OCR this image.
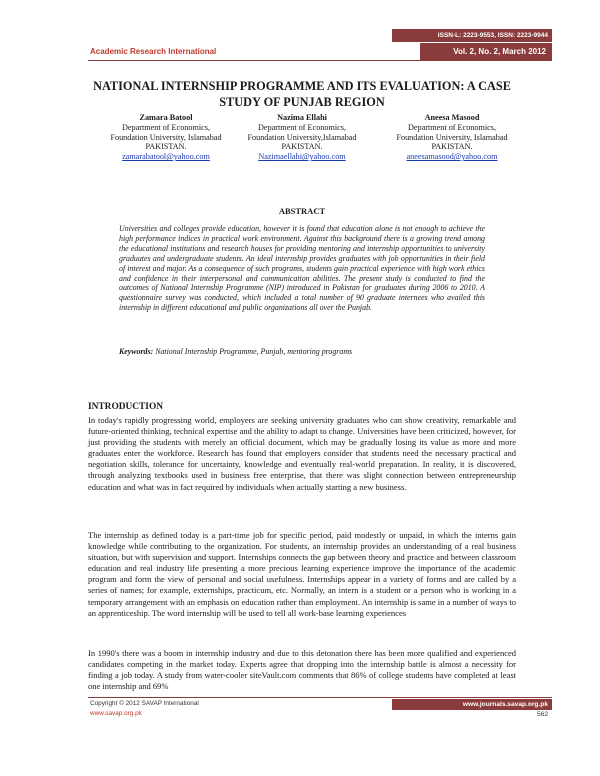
ISSN-L: 2223-9553, ISSN: 2223-9944
Academic Research International	Vol. 2, No. 2, March 2012
NATIONAL INTERNSHIP PROGRAMME AND ITS EVALUATION: A CASE STUDY OF PUNJAB REGION
Zamara Batool
Department of Economics,
Foundation University, Islamabad
PAKISTAN.
zamarabatool@yahoo.com
Nazima Ellahi
Department of Economics,
Foundation University,Islamabad
PAKISTAN.
Nazimaellahi@yahoo.com
Aneesa Masood
Department of Economics,
Foundation University, Islamabad
PAKISTAN.
aneesamasood@yahoo.com
ABSTRACT
Universities and colleges provide education, however it is found that education alone is not enough to achieve the high performance indices in practical work environment. Against this background there is a growing trend among the educational institutions and research houses for providing mentoring and internship opportunities to university graduates and undergraduate students. An ideal internship provides graduates with job opportunities in their field of interest and major. As a consequence of such programs, students gain practical experience with high work ethics and confidence in their interpersonal and communication abilities. The present study is conducted to find the outcomes of National Internship Programme (NIP) introduced in Pakistan for graduates during 2006 to 2010. A questionnaire survey was conducted, which included a total number of 90 graduate internees who availed this internship in different educational and public organizations all over the Punjab.
Keywords: National Internship Programme, Punjab, mentoring programs
INTRODUCTION
In today's rapidly progressing world, employers are seeking university graduates who can show creativity, remarkable and future-oriented thinking, technical expertise and the ability to adapt to change. Universities have been criticized, however, for just providing the students with merely an official document, which may be gradually losing its value as more and more graduates enter the workforce. Research has found that employers consider that students need the necessary practical and negotiation skills, tolerance for uncertainty, knowledge and eventually real-world preparation. In reality, it is discovered, through analyzing textbooks used in business free enterprise, that there was slight connection between entrepreneurship education and what was in fact required by individuals when actually starting a new business.
The internship as defined today is a part-time job for specific period, paid modestly or unpaid, in which the interns gain knowledge while contributing to the organization. For students, an internship provides an understanding of a real business situation, but with supervision and support. Internships connects the gap between theory and practice and between classroom education and real industry life presenting a more precious learning experience improve the importance of the academic program and form the view of personal and social usefulness. Internships appear in a variety of forms and are called by a series of names; for example, externships, practicum, etc. Normally, an intern is a student or a person who is working in a temporary arrangement with an emphasis on education rather than employment. An internship is same in a number of ways to an apprenticeship. The word internship will be used to tell all work-base learning experiences
In 1990's there was a boom in internship industry and due to this detonation there has been more qualified and experienced candidates competing in the market today. Experts agree that dropping into the internship battle is almost a necessity for finding a job today. A study from water-cooler siteVault.com comments that 86% of college students have completed at least one internship and 69%
Copyright © 2012 SAVAP International
www.savap.org.pk
www.journals.savap.org.pk
562
